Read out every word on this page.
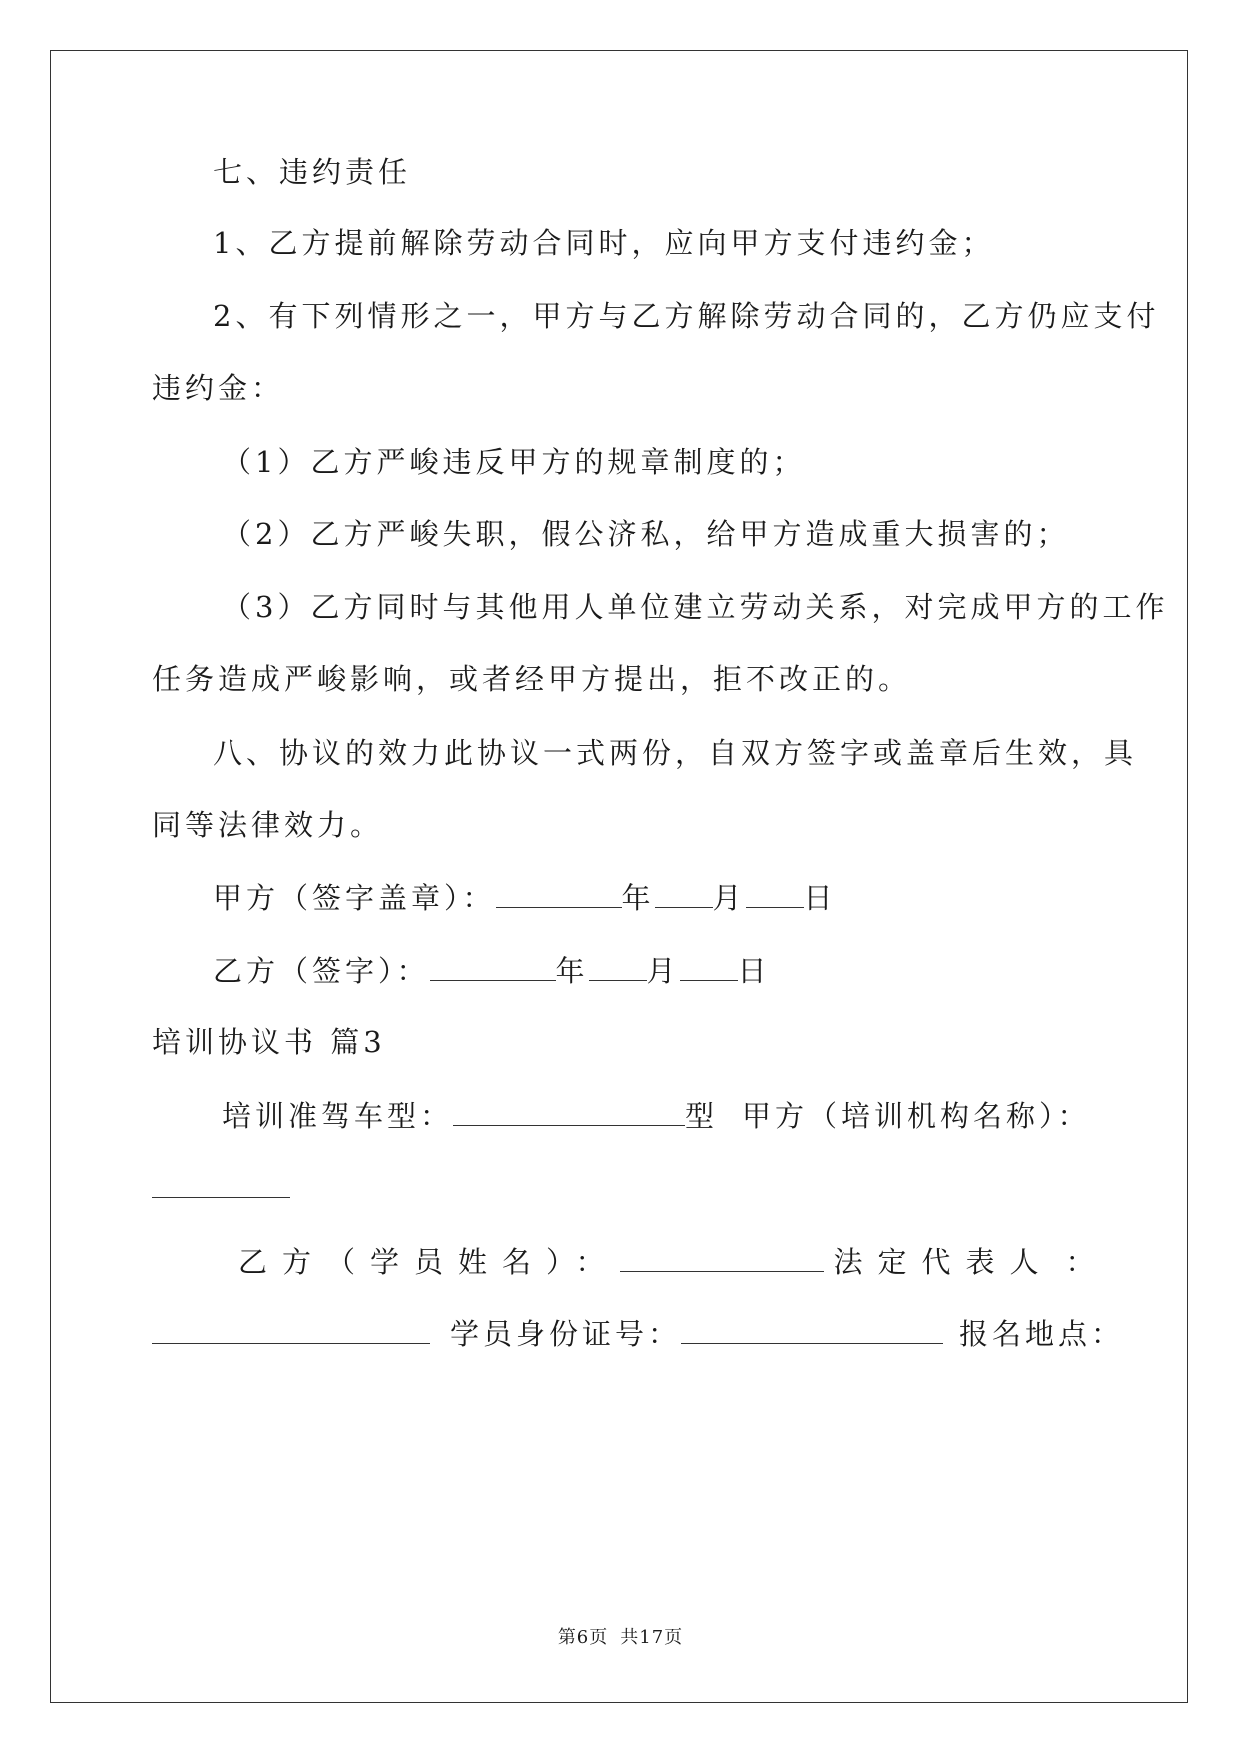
七、违约责任
1、乙方提前解除劳动合同时，应向甲方支付违约金；
2、有下列情形之一，甲方与乙方解除劳动合同的，乙方仍应支付
违约金：
（1）乙方严峻违反甲方的规章制度的；
（2）乙方严峻失职，假公济私，给甲方造成重大损害的；
（3）乙方同时与其他用人单位建立劳动关系，对完成甲方的工作
任务造成严峻影响，或者经甲方提出，拒不改正的。
八、协议的效力此协议一式两份，自双方签字或盖章后生效，具
同等法律效力。
甲方（签字盖章）：	年 月 日
乙方（签字）：	年 月 日
培训协议书 篇3
培训准驾车型：	型 甲方（培训机构名称）：
乙方（学员姓名）：	法定代表人 ：
学员身份证号：	报名地点：
第6页 共17页
